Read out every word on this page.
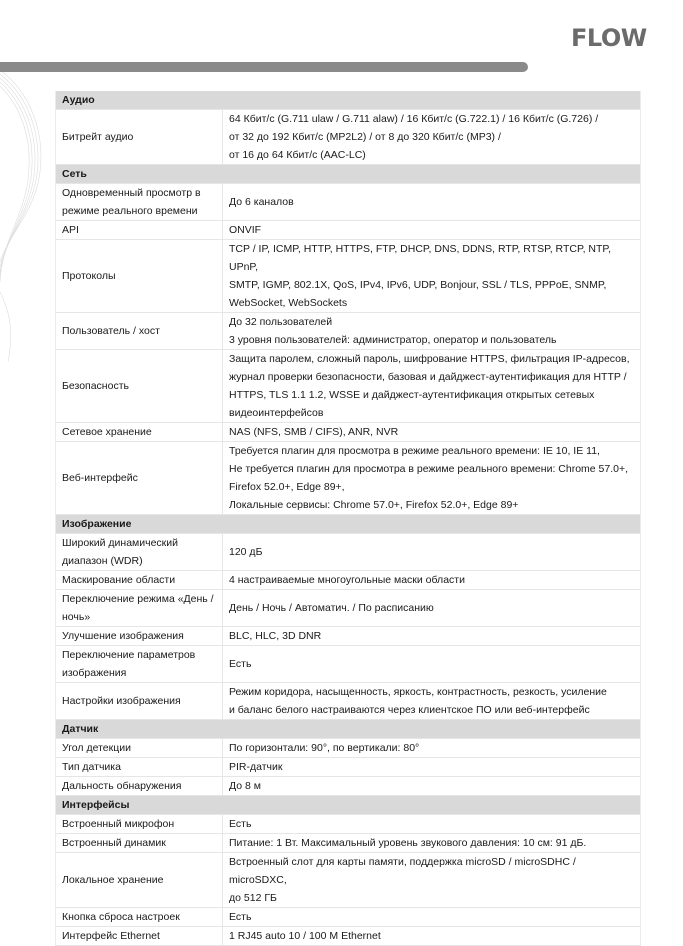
FLOW
Аудио	
Битрейт аудио	64 Кбит/с (G.711 ulaw / G.711 alaw) / 16 Кбит/с (G.722.1) / 16 Кбит/с (G.726) /
от 32 до 192 Кбит/с (MP2L2) / от 8 до 320 Кбит/с (MP3) /
от 16 до 64 Кбит/с (AAC-LC)

Сеть	
Одновременный просмотр в режиме реального времени	До 6 каналов

API	ONVIF

Протоколы	TCP / IP, ICMP, HTTP, HTTPS, FTP, DHCP, DNS, DDNS, RTP, RTSP, RTCP, NTP, UPnP,
SMTP, IGMP, 802.1X, QoS, IPv4, IPv6, UDP, Bonjour, SSL / TLS, PPPoE, SNMP,
WebSocket, WebSockets

Пользователь / хост	До 32 пользователей
3 уровня пользователей: администратор, оператор и пользователь

Безопасность	Защита паролем, сложный пароль, шифрование HTTPS, фильтрация IP-адресов,
журнал проверки безопасности, базовая и дайджест-аутентификация для HTTP /
HTTPS, TLS 1.1 1.2, WSSE и дайджест-аутентификация открытых сетевых
видеоинтерфейсов

Сетевое хранение	NAS (NFS, SMB / CIFS), ANR, NVR

Веб-интерфейс	Требуется плагин для просмотра в режиме реального времени: IE 10, IE 11,
Не требуется плагин для просмотра в режиме реального времени: Chrome 57.0+,
Firefox 52.0+, Edge 89+,
Локальные сервисы: Chrome 57.0+, Firefox 52.0+, Edge 89+

Изображение	
Широкий динамический диапазон (WDR)	120 дБ

Маскирование области	4 настраиваемые многоугольные маски области

Переключение режима «День / ночь»	День / Ночь / Автоматич. / По расписанию

Улучшение изображения	BLC, HLC, 3D DNR

Переключение параметров изображения	Есть

Настройки изображения	Режим коридора, насыщенность, яркость, контрастность, резкость, усиление
и баланс белого настраиваются через клиентское ПО или веб-интерфейс

Датчик	
Угол детекции	По горизонтали: 90°, по вертикали: 80°

Тип датчика	PIR-датчик

Дальность обнаружения	До 8 м

Интерфейсы	
Встроенный микрофон	Есть

Встроенный динамик	Питание: 1 Вт. Максимальный уровень звукового давления: 10 см: 91 дБ.

Локальное хранение	Встроенный слот для карты памяти, поддержка microSD / microSDHC / microSDXC,
до 512 ГБ

Кнопка сброса настроек	Есть

Интерфейс Ethernet	1 RJ45 auto 10 / 100 M Ethernet
